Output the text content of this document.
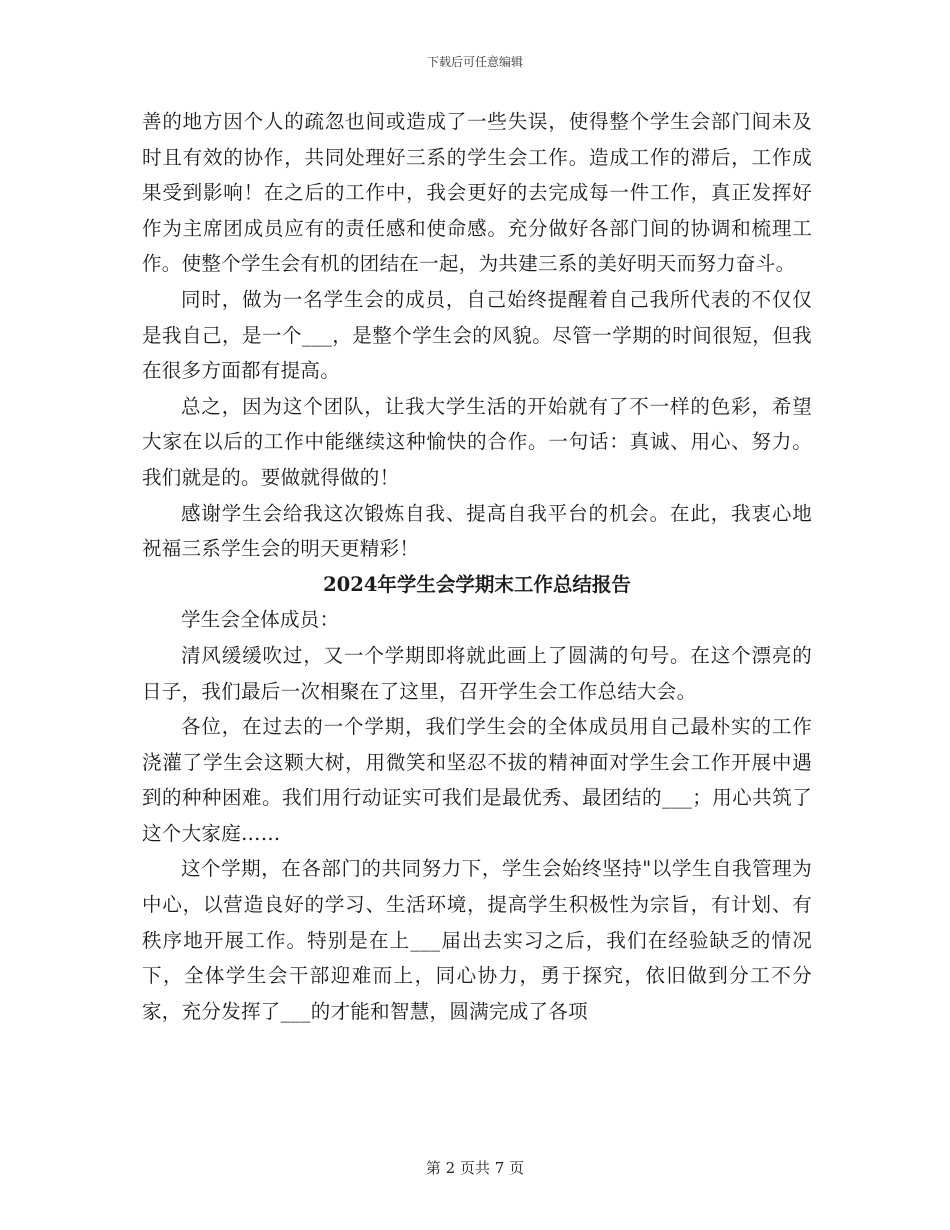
下载后可任意编辑

善的地方因个人的疏忽也间或造成了一些失误，使得整个学生会部门间未及时且有效的协作，共同处理好三系的学生会工作。造成工作的滞后，工作成果受到影响！在之后的工作中，我会更好的去完成每一件工作，真正发挥好作为主席团成员应有的责任感和使命感。充分做好各部门间的协调和梳理工作。使整个学生会有机的团结在一起，为共建三系的美好明天而努力奋斗。

同时，做为一名学生会的成员，自己始终提醒着自己我所代表的不仅仅是我自己，是一个___，是整个学生会的风貌。尽管一学期的时间很短，但我在很多方面都有提高。

总之，因为这个团队，让我大学生活的开始就有了不一样的色彩，希望大家在以后的工作中能继续这种愉快的合作。一句话：真诚、用心、努力。我们就是的。要做就得做的！

感谢学生会给我这次锻炼自我、提高自我平台的机会。在此，我衷心地祝福三系学生会的明天更精彩！

2024年学生会学期末工作总结报告

学生会全体成员：

清风缓缓吹过，又一个学期即将就此画上了圆满的句号。在这个漂亮的日子，我们最后一次相聚在了这里，召开学生会工作总结大会。

各位，在过去的一个学期，我们学生会的全体成员用自己最朴实的工作浇灌了学生会这颗大树，用微笑和坚忍不拔的精神面对学生会工作开展中遇到的种种困难。我们用行动证实可我们是最优秀、最团结的___；用心共筑了这个大家庭……

这个学期，在各部门的共同努力下，学生会始终坚持"以学生自我管理为中心，以营造良好的学习、生活环境，提高学生积极性为宗旨，有计划、有秩序地开展工作。特别是在上___届出去实习之后，我们在经验缺乏的情况下，全体学生会干部迎难而上，同心协力，勇于探究，依旧做到分工不分家，充分发挥了___的才能和智慧，圆满完成了各项

第 2 页共 7 页
